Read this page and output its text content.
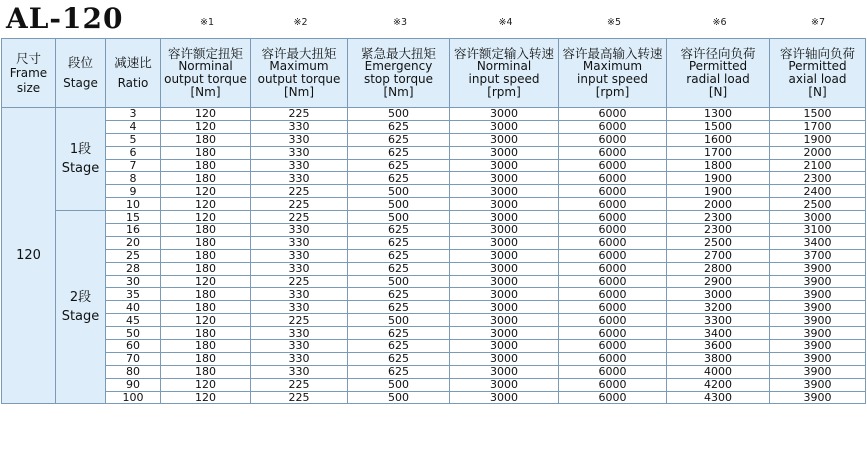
AL-120	※1	※2	※3	※4	※5	※6	※7
尺寸
Frame
size	段位
Stage	减速比
Ratio	容许额定扭矩
Norminal
output torque
[Nm]	容许最大扭矩
Maximum
output torque
[Nm]	紧急最大扭矩
Emergency
stop torque
[Nm]	容许额定输入转速
Norminal
input speed
[rpm]	容许最高输入转速
Maximum
input speed
[rpm]	容许径向负荷
Permitted
radial load
[N]	容许轴向负荷
Permitted
axial load
[N]

120	1段
Stage	3	120	225	500	3000	6000	1300	1500
		4	120	330	625	3000	6000	1500	1700
		5	180	330	625	3000	6000	1600	1900
		6	180	330	625	3000	6000	1700	2000
		7	180	330	625	3000	6000	1800	2100
		8	180	330	625	3000	6000	1900	2300
		9	120	225	500	3000	6000	1900	2400
		10	120	225	500	3000	6000	2000	2500

	2段
Stage	15	120	225	500	3000	6000	2300	3000
		16	180	330	625	3000	6000	2300	3100
		20	180	330	625	3000	6000	2500	3400
		25	180	330	625	3000	6000	2700	3700
		28	180	330	625	3000	6000	2800	3900
		30	120	225	500	3000	6000	2900	3900
		35	180	330	625	3000	6000	3000	3900
		40	180	330	625	3000	6000	3200	3900
		45	120	225	500	3000	6000	3300	3900
		50	180	330	625	3000	6000	3400	3900
		60	180	330	625	3000	6000	3600	3900
		70	180	330	625	3000	6000	3800	3900
		80	180	330	625	3000	6000	4000	3900
		90	120	225	500	3000	6000	4200	3900
		100	120	225	500	3000	6000	4300	3900
